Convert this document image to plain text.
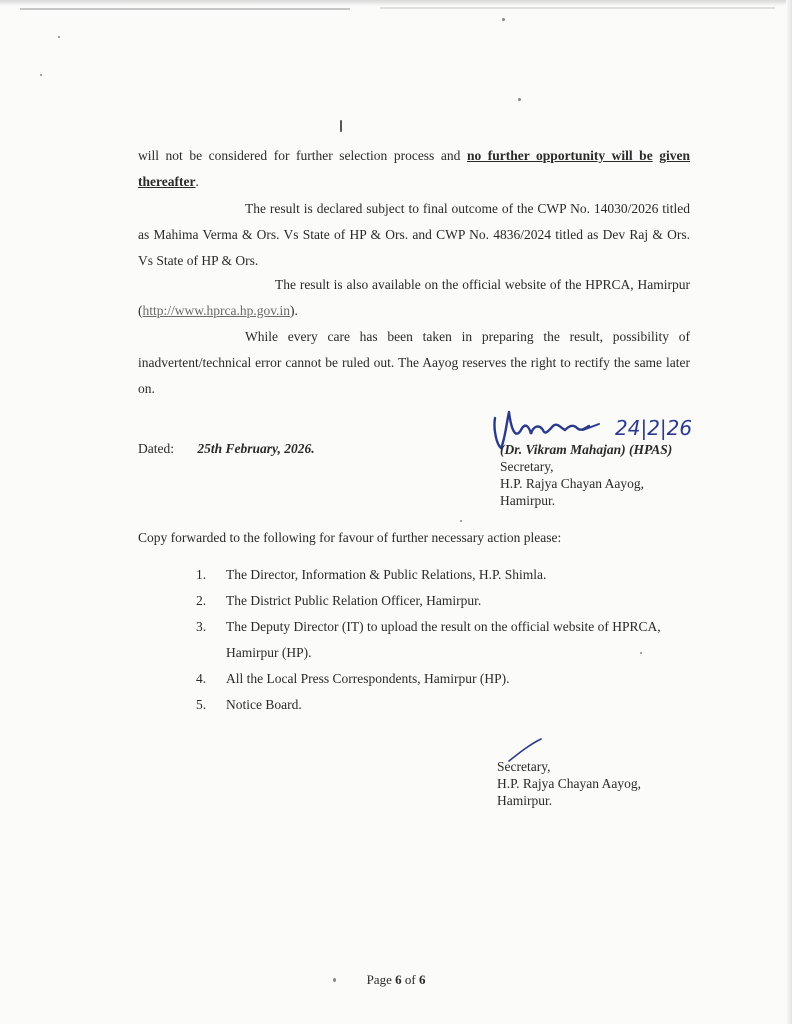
will not be considered for further selection process and no further opportunity will be given thereafter.

The result is declared subject to final outcome of the CWP No. 14030/2026 titled as Mahima Verma & Ors. Vs State of HP & Ors. and CWP No. 4836/2024 titled as Dev Raj & Ors. Vs State of HP & Ors.

The result is also available on the official website of the HPRCA, Hamirpur (http://www.hprca.hp.gov.in).

While every care has been taken in preparing the result, possibility of inadvertent/technical error cannot be ruled out. The Aayog reserves the right to rectify the same later on.

Dated: 25th February, 2026.
24|2|26
(Dr. Vikram Mahajan) (HPAS)
Secretary,
H.P. Rajya Chayan Aayog,
Hamirpur.
Copy forwarded to the following for favour of further necessary action please:
1. The Director, Information & Public Relations, H.P. Shimla.
2. The District Public Relation Officer, Hamirpur.
3. The Deputy Director (IT) to upload the result on the official website of HPRCA, Hamirpur (HP).
4. All the Local Press Correspondents, Hamirpur (HP).
5. Notice Board.
Secretary,
H.P. Rajya Chayan Aayog,
Hamirpur.
Page 6 of 6
